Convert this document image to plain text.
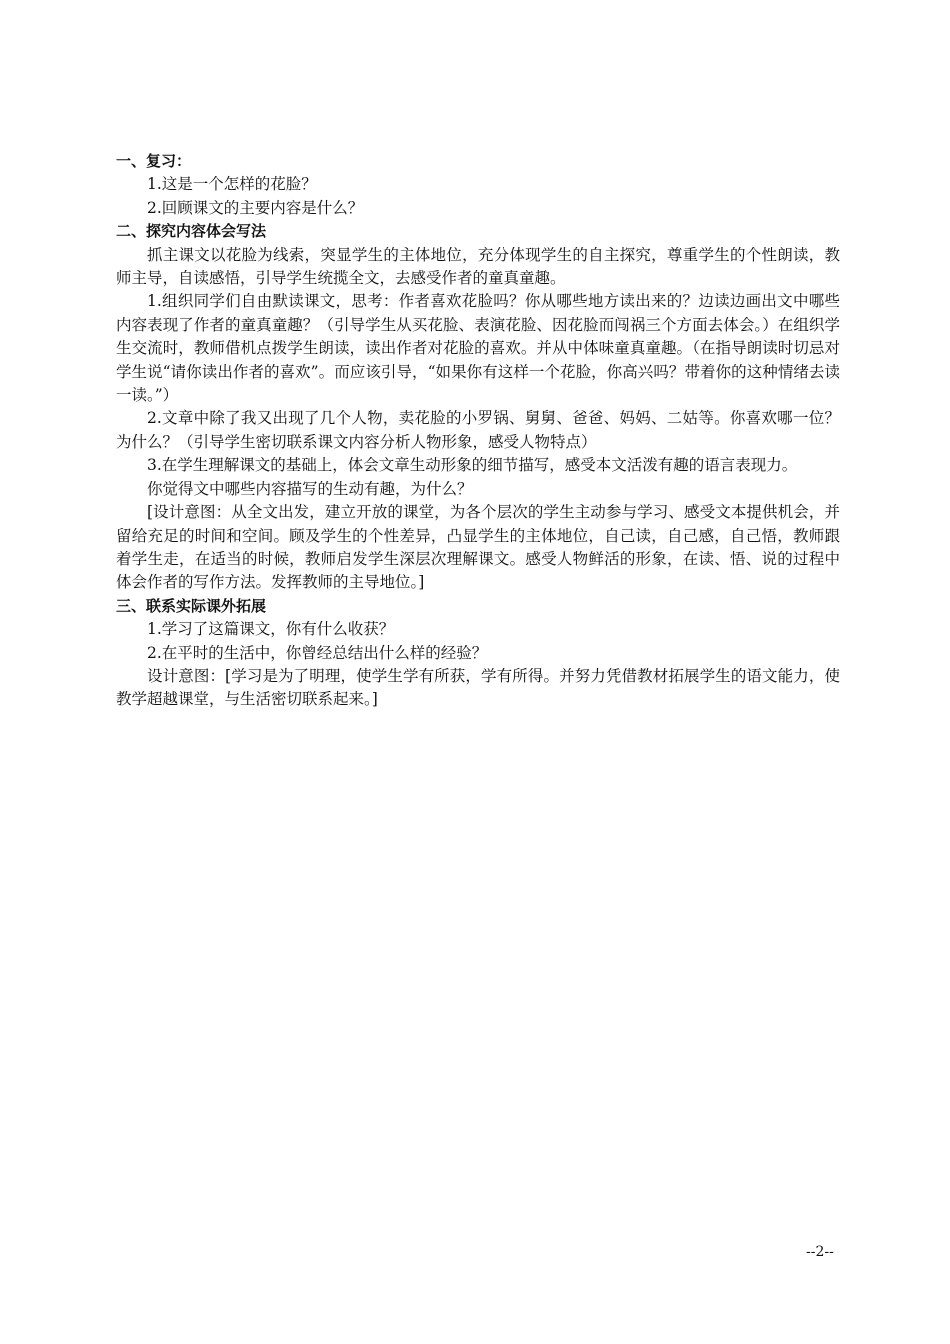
一、复习：
1.这是一个怎样的花脸？
2.回顾课文的主要内容是什么？
二、探究内容体会写法
抓主课文以花脸为线索，突显学生的主体地位，充分体现学生的自主探究，尊重学生的个性朗读，教师主导，自读感悟，引导学生统揽全文，去感受作者的童真童趣。
1.组织同学们自由默读课文，思考：作者喜欢花脸吗？你从哪些地方读出来的？边读边画出文中哪些内容表现了作者的童真童趣？（引导学生从买花脸、表演花脸、因花脸而闯祸三个方面去体会。）在组织学生交流时，教师借机点拨学生朗读，读出作者对花脸的喜欢。并从中体味童真童趣。（在指导朗读时切忌对学生说“请你读出作者的喜欢”。而应该引导，“如果你有这样一个花脸，你高兴吗？带着你的这种情绪去读一读。”）
2.文章中除了我又出现了几个人物，卖花脸的小罗锅、舅舅、爸爸、妈妈、二姑等。你喜欢哪一位？为什么？（引导学生密切联系课文内容分析人物形象，感受人物特点）
3.在学生理解课文的基础上，体会文章生动形象的细节描写，感受本文活泼有趣的语言表现力。
你觉得文中哪些内容描写的生动有趣，为什么？
[设计意图：从全文出发，建立开放的课堂，为各个层次的学生主动参与学习、感受文本提供机会，并留给充足的时间和空间。顾及学生的个性差异，凸显学生的主体地位，自己读，自己感，自己悟，教师跟着学生走，在适当的时候，教师启发学生深层次理解课文。感受人物鲜活的形象，在读、悟、说的过程中体会作者的写作方法。发挥教师的主导地位。]
三、联系实际课外拓展
1.学习了这篇课文，你有什么收获？
2.在平时的生活中，你曾经总结出什么样的经验？
设计意图：[学习是为了明理，使学生学有所获，学有所得。并努力凭借教材拓展学生的语文能力，使教学超越课堂，与生活密切联系起来。]
--2--
